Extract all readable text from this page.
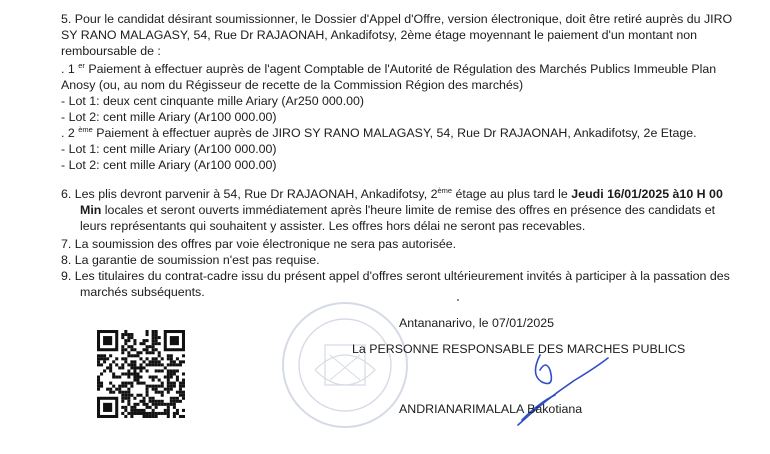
5. Pour le candidat désirant soumissionner, le Dossier d'Appel d'Offre, version électronique, doit être retiré auprès du JIRO
SY RANO MALAGASY, 54, Rue Dr RAJAONAH, Ankadifotsy, 2ème étage moyennant le paiement d'un montant non
remboursable de :
. 1 $^{er}$ Paiement à effectuer auprès de l'agent Comptable de l'Autorité de Régulation des Marchés Publics Immeuble Plan
Anosy (ou, au nom du Régisseur de recette de la Commission Région des marchés)
- Lot 1: deux cent cinquante mille Ariary (Ar250 000.00)
- Lot 2: cent mille Ariary (Ar100 000.00)
. 2 $^{ème}$ Paiement à effectuer auprès de JIRO SY RANO MALAGASY, 54, Rue Dr RAJAONAH, Ankadifotsy, 2e Etage.
- Lot 1: cent mille Ariary (Ar100 000.00)
- Lot 2: cent mille Ariary (Ar100 000.00)
6. Les plis devront parvenir à 54, Rue Dr RAJAONAH, Ankadifotsy, 2ème étage au plus tard le Jeudi 16/01/2025 à10 H 00
Min locales et seront ouverts immédiatement après l'heure limite de remise des offres en présence des candidats et
leurs représentants qui souhaitent y assister. Les offres hors délai ne seront pas recevables.
7. La soumission des offres par voie électronique ne sera pas autorisée.
8. La garantie de soumission n'est pas requise.
9. Les titulaires du contrat-cadre issu du présent appel d'offres seront ultérieurement invités à participer à la passation des
marchés subséquents.
Antananarivo, le 07/01/2025
La PERSONNE RESPONSABLE DES MARCHES PUBLICS
ANDRIANARIMALALA Bakotiana
